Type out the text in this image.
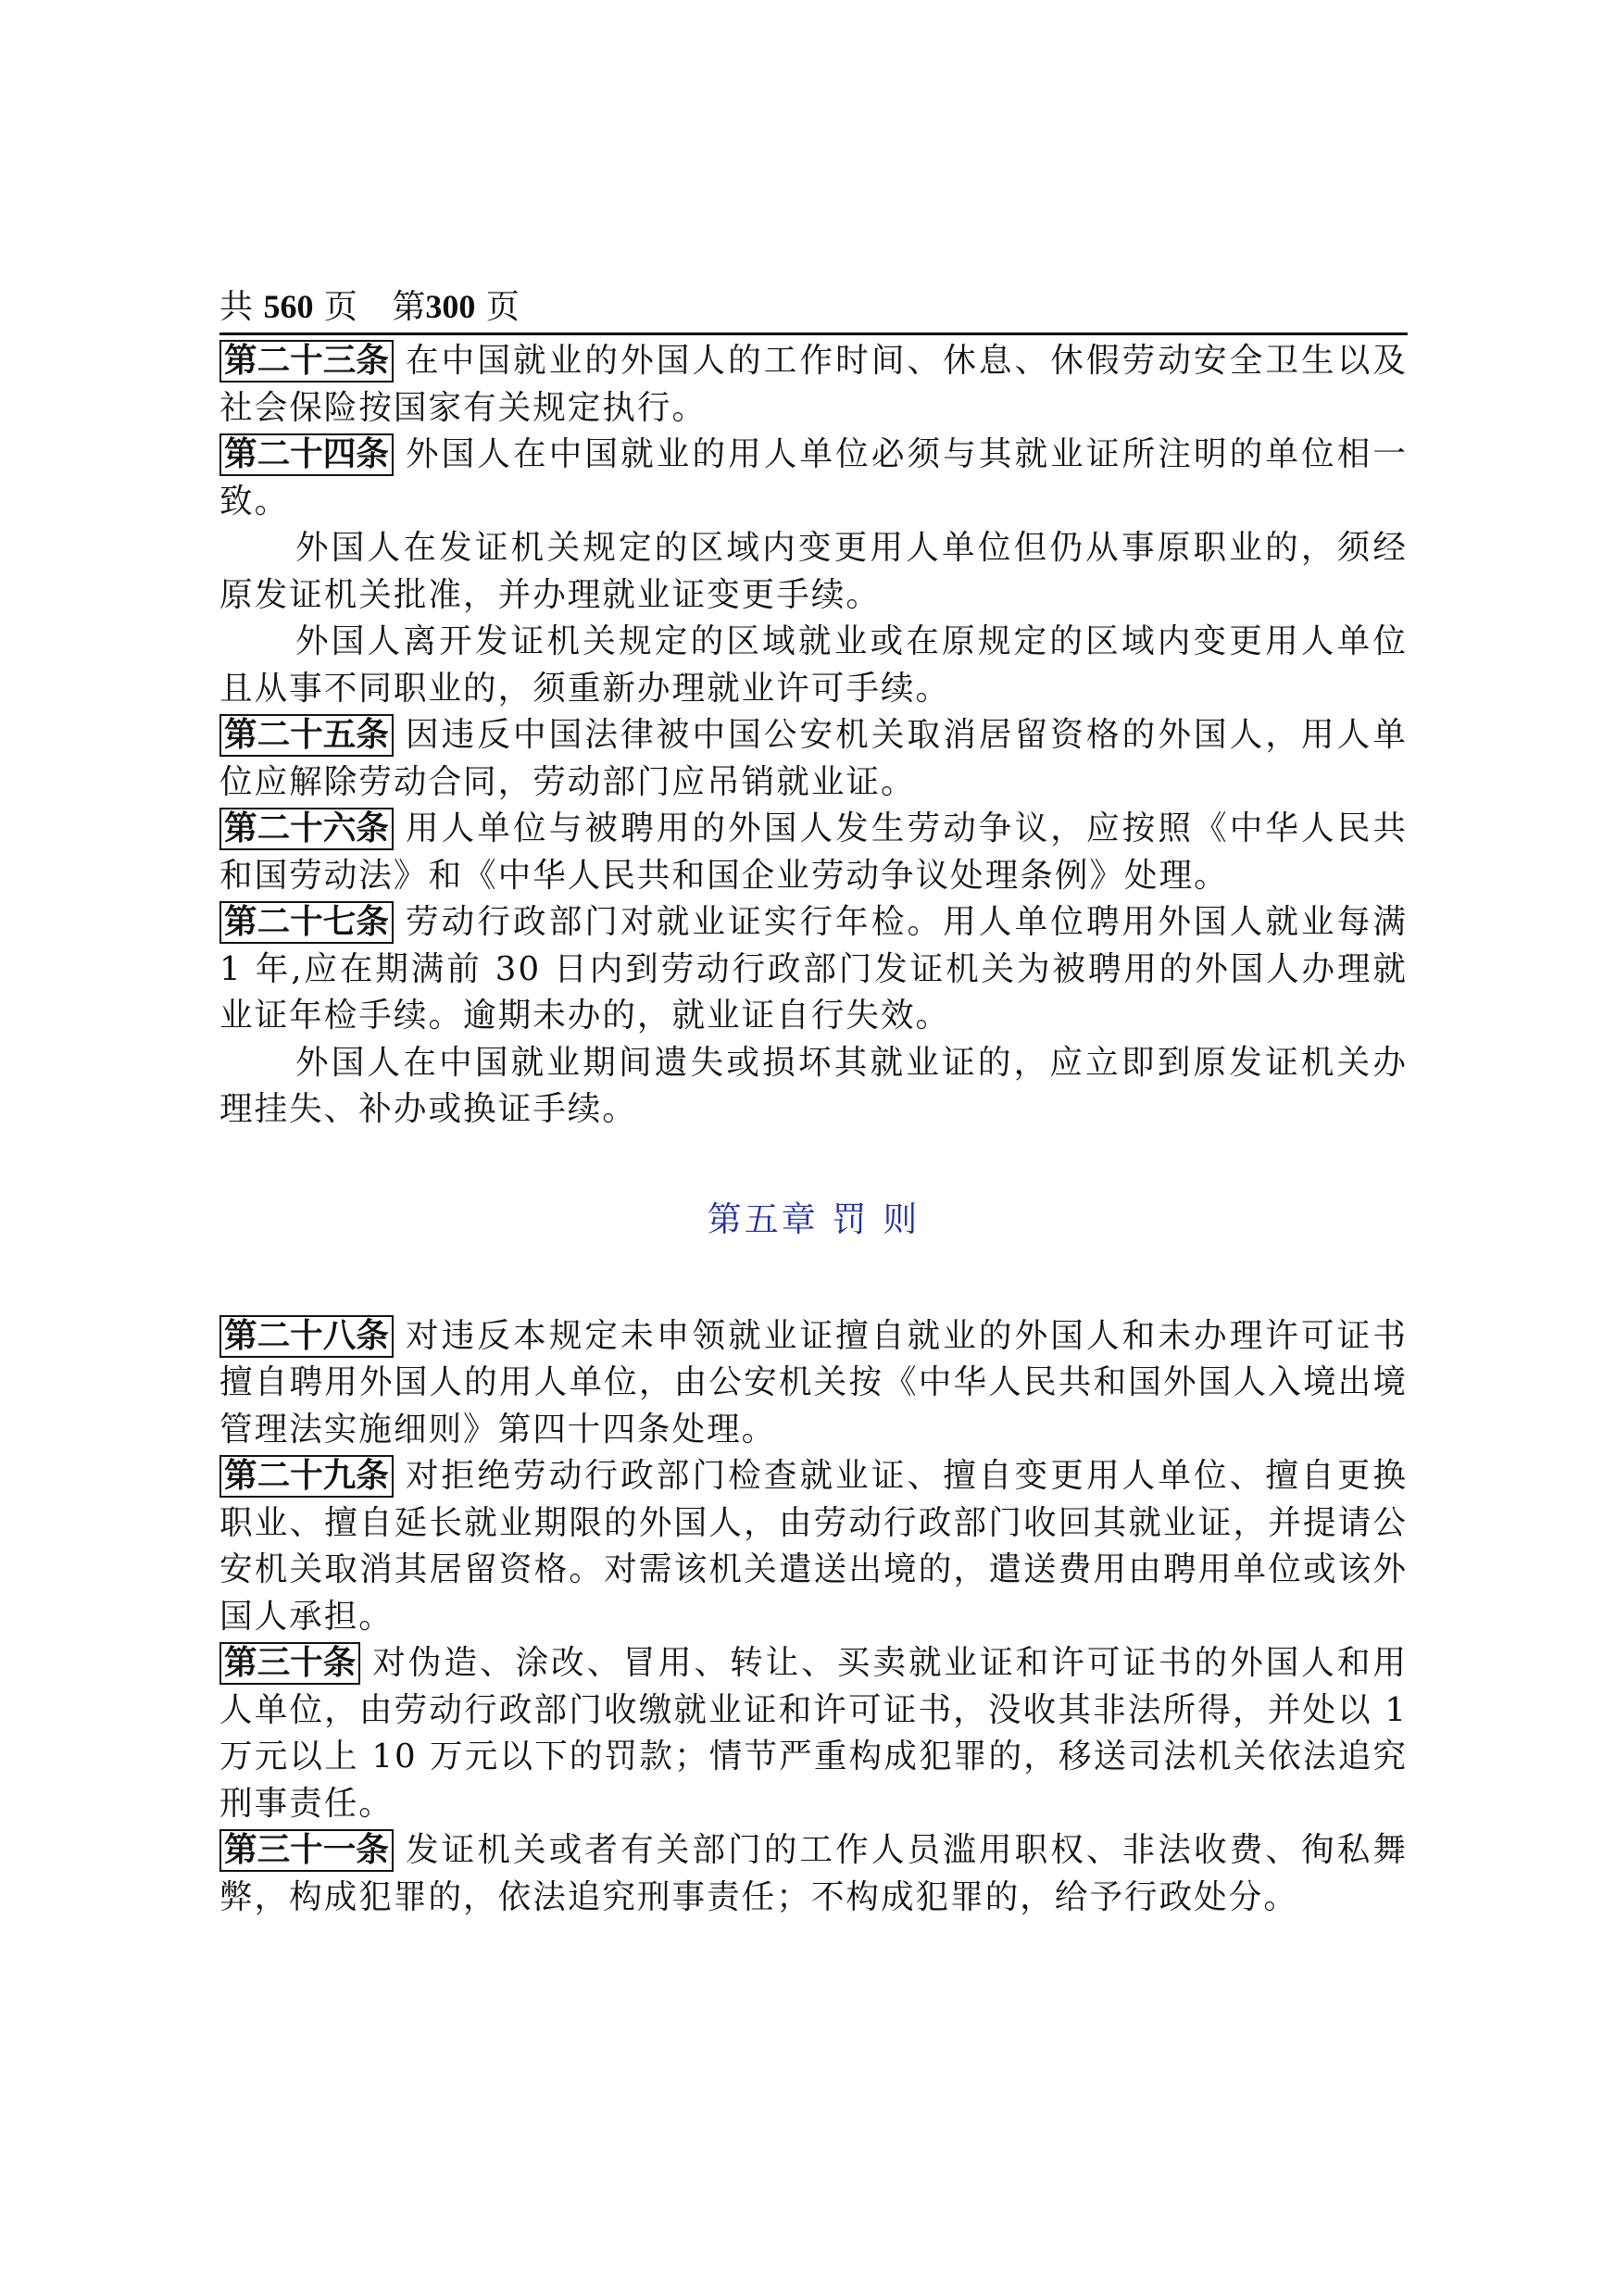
共 560 页 第300 页

第二十三条 在中国就业的外国人的工作时间、休息、休假劳动安全卫生以及社会保险按国家有关规定执行。

第二十四条 外国人在中国就业的用人单位必须与其就业证所注明的单位相一致。

外国人在发证机关规定的区域内变更用人单位但仍从事原职业的，须经原发证机关批准，并办理就业证变更手续。

外国人离开发证机关规定的区域就业或在原规定的区域内变更用人单位且从事不同职业的，须重新办理就业许可手续。

第二十五条 因违反中国法律被中国公安机关取消居留资格的外国人，用人单位应解除劳动合同，劳动部门应吊销就业证。

第二十六条 用人单位与被聘用的外国人发生劳动争议，应按照《中华人民共和国劳动法》和《中华人民共和国企业劳动争议处理条例》处理。

第二十七条 劳动行政部门对就业证实行年检。用人单位聘用外国人就业每满 1 年,应在期满前 30 日内到劳动行政部门发证机关为被聘用的外国人办理就业证年检手续。逾期未办的，就业证自行失效。

外国人在中国就业期间遗失或损坏其就业证的，应立即到原发证机关办理挂失、补办或换证手续。

第五章 罚 则

第二十八条 对违反本规定未申领就业证擅自就业的外国人和未办理许可证书擅自聘用外国人的用人单位，由公安机关按《中华人民共和国外国人入境出境管理法实施细则》第四十四条处理。

第二十九条 对拒绝劳动行政部门检查就业证、擅自变更用人单位、擅自更换职业、擅自延长就业期限的外国人，由劳动行政部门收回其就业证，并提请公安机关取消其居留资格。对需该机关遣送出境的，遣送费用由聘用单位或该外国人承担。

第三十条 对伪造、涂改、冒用、转让、买卖就业证和许可证书的外国人和用人单位，由劳动行政部门收缴就业证和许可证书，没收其非法所得，并处以 1 万元以上 10 万元以下的罚款；情节严重构成犯罪的，移送司法机关依法追究刑事责任。

第三十一条 发证机关或者有关部门的工作人员滥用职权、非法收费、徇私舞弊，构成犯罪的，依法追究刑事责任；不构成犯罪的，给予行政处分。
